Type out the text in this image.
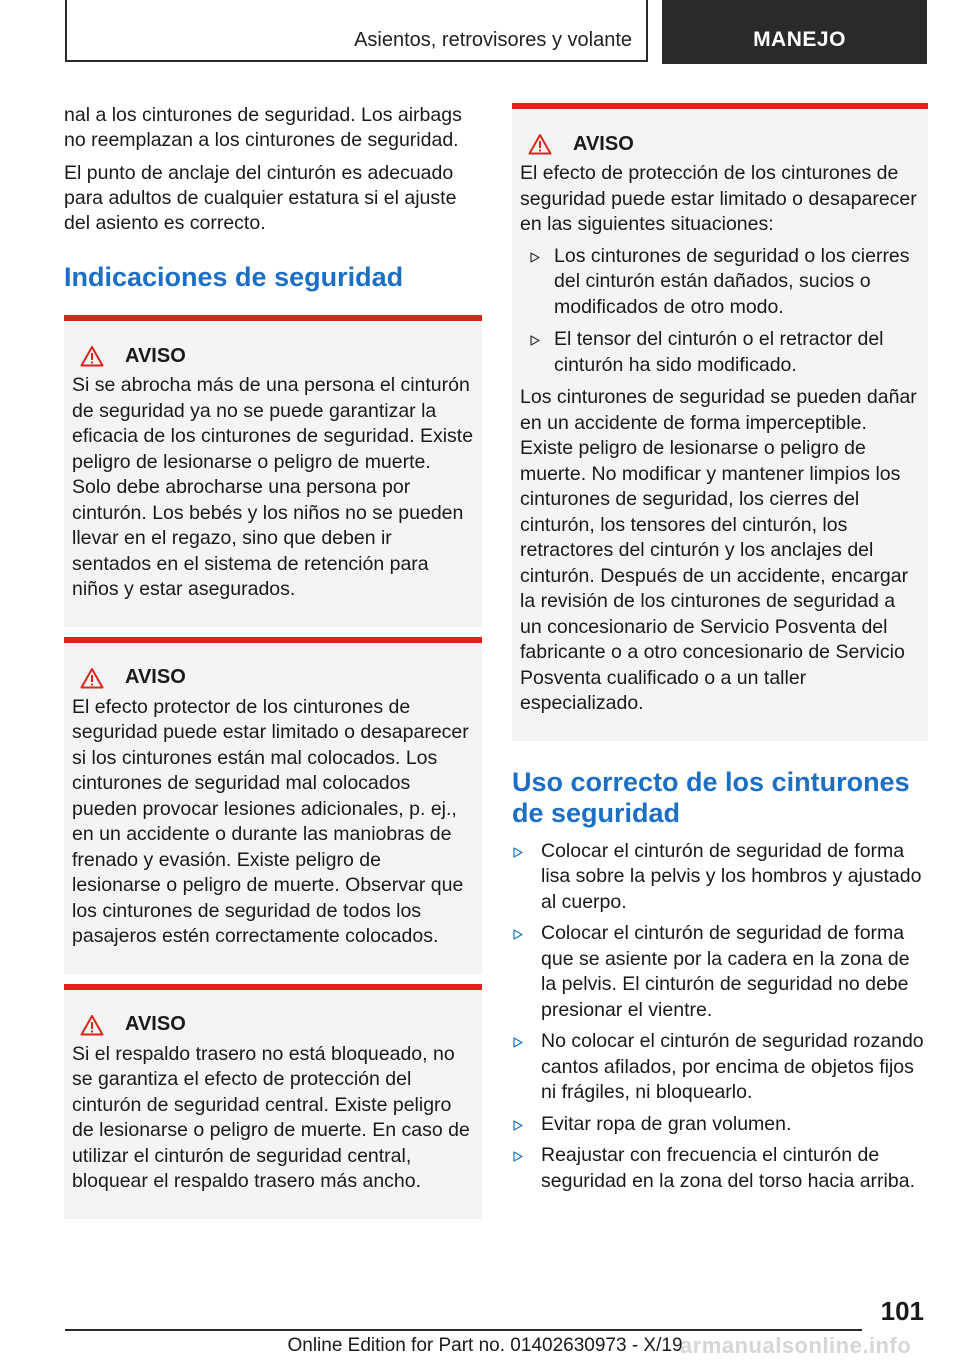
Asientos, retrovisores y volante	MANEJO

nal a los cinturones de seguridad. Los airbags no reemplazan a los cinturones de seguridad.

El punto de anclaje del cinturón es adecuado para adultos de cualquier estatura si el ajuste del asiento es correcto.

Indicaciones de seguridad
AVISO

Si se abrocha más de una persona el cinturón de seguridad ya no se puede garantizar la eficacia de los cinturones de seguridad. Existe peligro de lesionarse o peligro de muerte. Solo debe abrocharse una persona por cinturón. Los bebés y los niños no se pueden llevar en el regazo, sino que deben ir sentados en el sistema de retención para niños y estar asegurados.

AVISO

El efecto protector de los cinturones de seguridad puede estar limitado o desaparecer si los cinturones están mal colocados. Los cinturones de seguridad mal colocados pueden provocar lesiones adicionales, p. ej., en un accidente o durante las maniobras de frenado y evasión. Existe peligro de lesionarse o peligro de muerte. Observar que los cinturones de seguridad de todos los pasajeros estén correctamente colocados.

AVISO

Si el respaldo trasero no está bloqueado, no se garantiza el efecto de protección del cinturón de seguridad central. Existe peligro de lesionarse o peligro de muerte. En caso de utilizar el cinturón de seguridad central, bloquear el respaldo trasero más ancho.

AVISO

El efecto de protección de los cinturones de seguridad puede estar limitado o desaparecer en las siguientes situaciones:

Los cinturones de seguridad o los cierres del cinturón están dañados, sucios o modificados de otro modo.
El tensor del cinturón o el retractor del cinturón ha sido modificado.

Los cinturones de seguridad se pueden dañar en un accidente de forma imperceptible. Existe peligro de lesionarse o peligro de muerte. No modificar y mantener limpios los cinturones de seguridad, los cierres del cinturón, los tensores del cinturón, los retractores del cinturón y los anclajes del cinturón. Después de un accidente, encargar la revisión de los cinturones de seguridad a un concesionario de Servicio Posventa del fabricante o a otro concesionario de Servicio Posventa cualificado o a un taller especializado.

Uso correcto de los cinturones de seguridad
Colocar el cinturón de seguridad de forma lisa sobre la pelvis y los hombros y ajustado al cuerpo.
Colocar el cinturón de seguridad de forma que se asiente por la cadera en la zona de la pelvis. El cinturón de seguridad no debe presionar el vientre.
No colocar el cinturón de seguridad rozando cantos afilados, por encima de objetos fijos ni frágiles, ni bloquearlo.
Evitar ropa de gran volumen.
Reajustar con frecuencia el cinturón de seguridad en la zona del torso hacia arriba.
101
Online Edition for Part no. 01402630973 - X/19
armanualsonline.info
